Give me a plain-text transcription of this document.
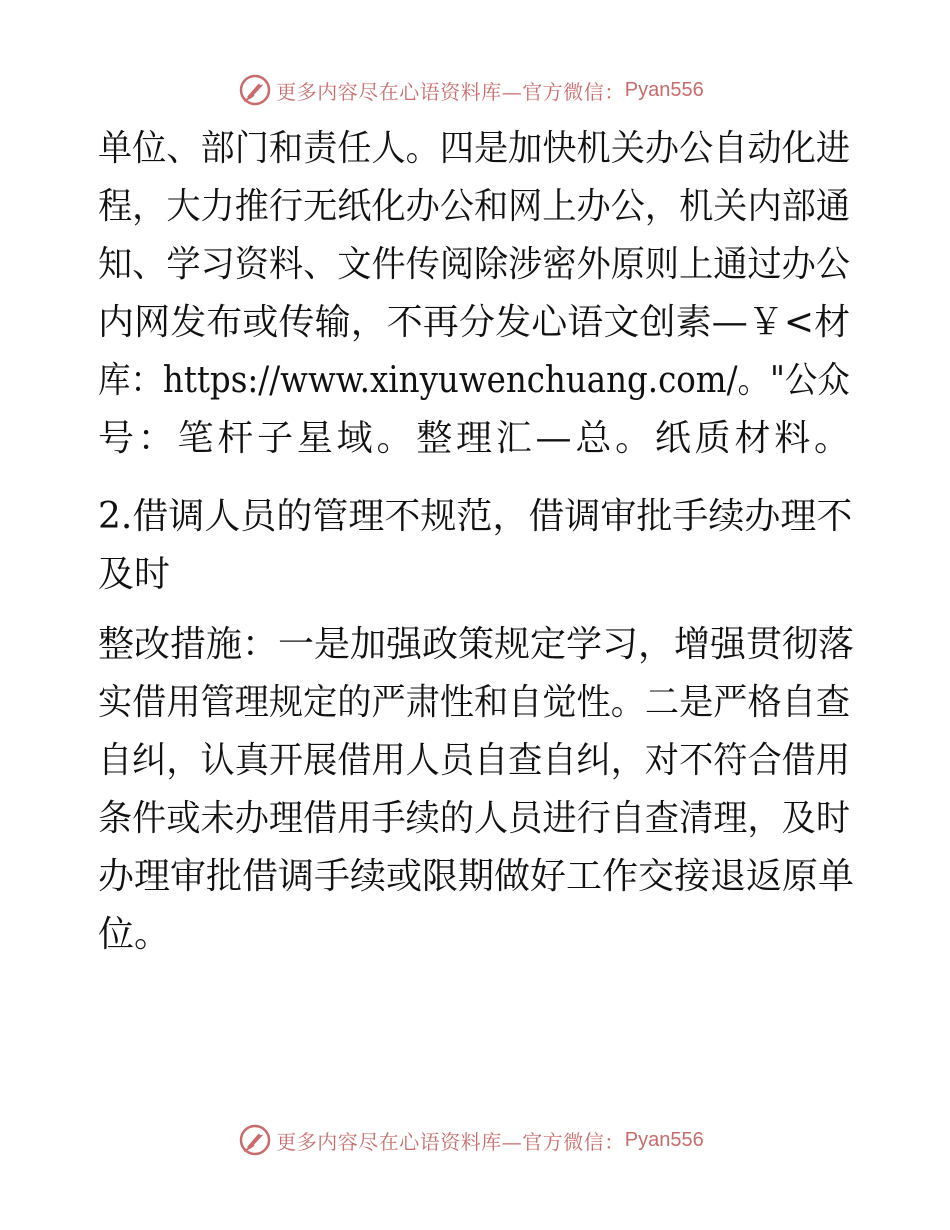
更多内容尽在心语资料库—官方微信： Pyan556
单位、部门和责任人。四是加快机关办公自动化进
程，大力推行无纸化办公和网上办公，机关内部通
知、学习资料、文件传阅除涉密外原则上通过办公
内网发布或传输，不再分发心语文创素—￥<材
库：https://www.xinyuwenchuang.com/。"公众
号：笔杆子星域。整理汇—总。纸质材料。
2.借调人员的管理不规范，借调审批手续办理不
及时
整改措施：一是加强政策规定学习，增强贯彻落
实借用管理规定的严肃性和自觉性。二是严格自查
自纠，认真开展借用人员自查自纠，对不符合借用
条件或未办理借用手续的人员进行自查清理，及时
办理审批借调手续或限期做好工作交接退返原单
位。
更多内容尽在心语资料库—官方微信： Pyan556
